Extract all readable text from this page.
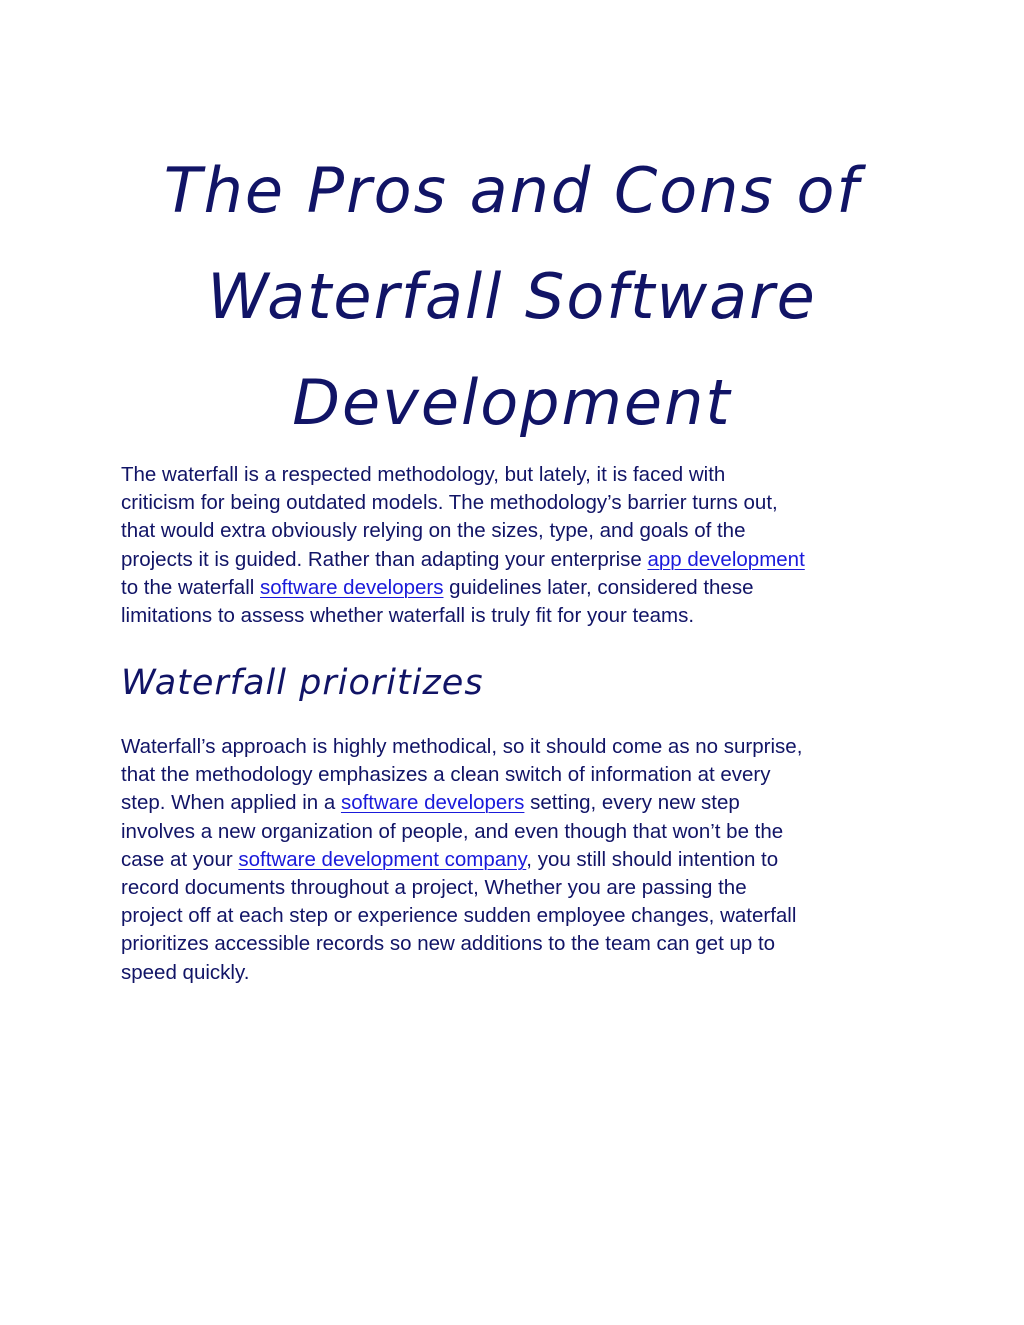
The Pros and Cons of
Waterfall Software
Development

The waterfall is a respected methodology, but lately, it is faced with
criticism for being outdated models. The methodology’s barrier turns out,
that would extra obviously relying on the sizes, type, and goals of the
projects it is guided. Rather than adapting your enterprise app development
to the waterfall software developers guidelines later, considered these
limitations to assess whether waterfall is truly fit for your teams.

Waterfall prioritizes

Waterfall’s approach is highly methodical, so it should come as no surprise,
that the methodology emphasizes a clean switch of information at every
step. When applied in a software developers setting, every new step
involves a new organization of people, and even though that won’t be the
case at your software development company, you still should intention to
record documents throughout a project, Whether you are passing the
project off at each step or experience sudden employee changes, waterfall
prioritizes accessible records so new additions to the team can get up to
speed quickly.
